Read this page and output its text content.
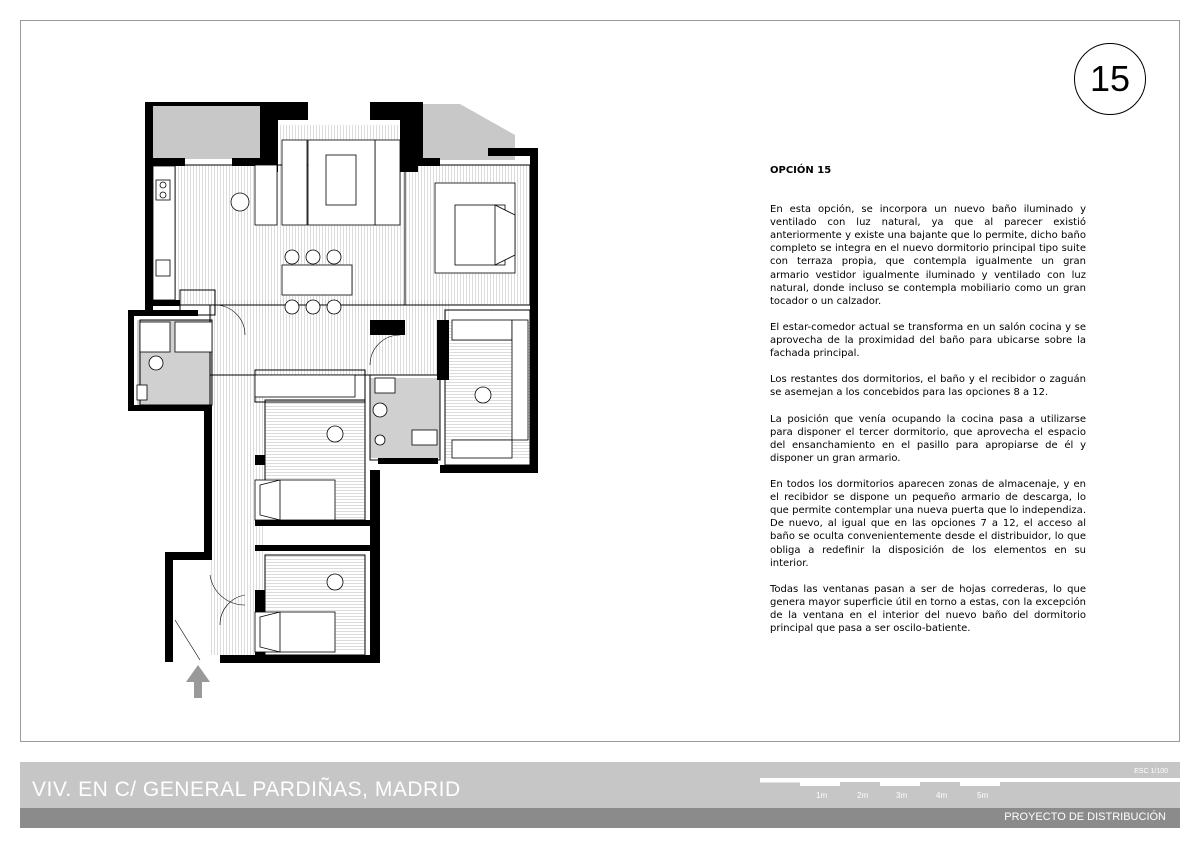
15
OPCIÓN 15

En esta opción, se incorpora un nuevo baño iluminado y ventilado con luz natural, ya que al parecer existió anteriormente y existe una bajante que lo permite, dicho baño completo se integra en el nuevo dormitorio principal tipo suite con terraza propia, que contempla igualmente un gran armario vestidor igualmente iluminado y ventilado con luz natural, donde incluso se contempla mobiliario como un gran tocador o un calzador.

El estar-comedor actual se transforma en un salón cocina y se aprovecha de la proximidad del baño para ubicarse sobre la fachada principal.

Los restantes dos dormitorios, el baño y el recibidor o zaguán se asemejan a los concebidos para las opciones 8 a 12.

La posición que venía ocupando la cocina pasa a utilizarse para disponer el tercer dormitorio, que aprovecha el espacio del ensanchamiento en el pasillo para apropiarse de él y disponer un gran armario.

En todos los dormitorios aparecen zonas de almacenaje, y en el recibidor se dispone un pequeño armario de descarga, lo que permite contemplar una nueva puerta que lo independiza. De nuevo, al igual que en las opciones 7 a 12, el acceso al baño se oculta convenientemente desde el distribuidor, lo que obliga a redefinir la disposición de los elementos en su interior.

Todas las ventanas pasan a ser de hojas correderas, lo que genera mayor superficie útil en torno a estas, con la excepción de la ventana en el interior del nuevo baño del dormitorio principal que pasa a ser oscilo-batiente.

VIV. EN C/ GENERAL PARDIÑAS, MADRID
ESC 1/100
1m	2m	3m	4m	5m
PROYECTO DE DISTRIBUCIÓN
